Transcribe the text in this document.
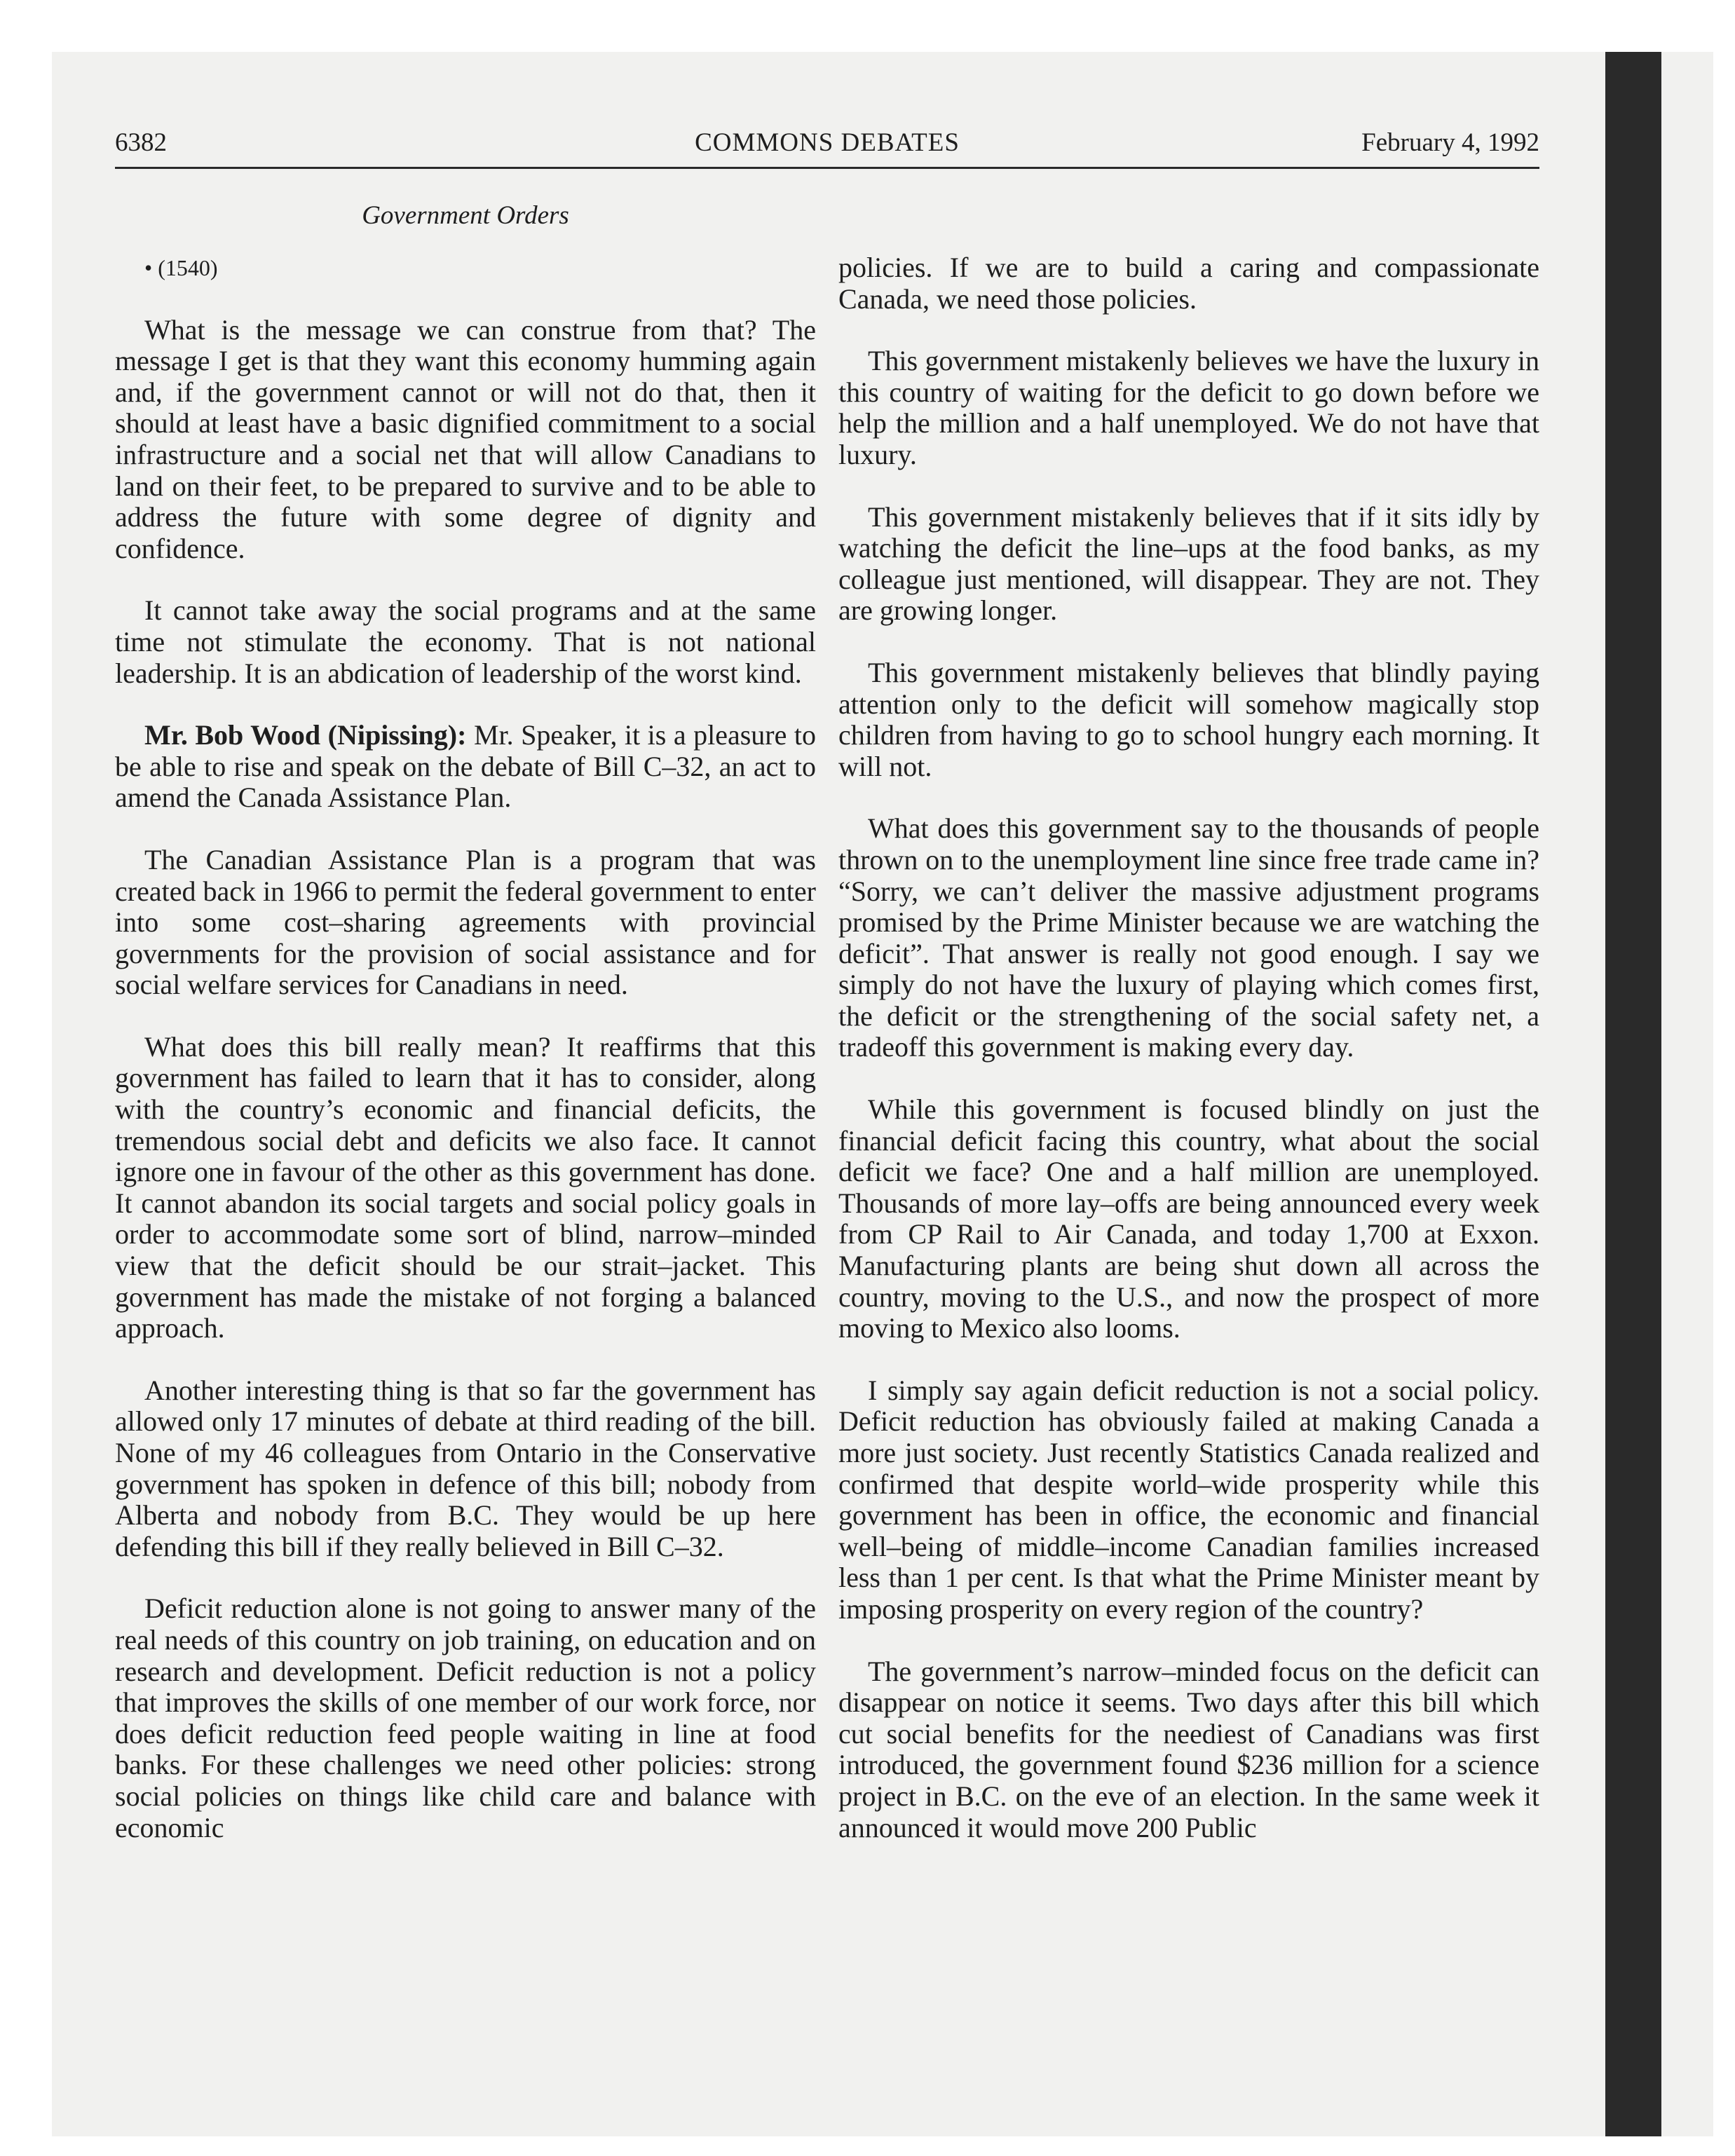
6382	COMMONS DEBATES	February 4, 1992
Government Orders

• (1540)

What is the message we can construe from that? The message I get is that they want this economy humming again and, if the government cannot or will not do that, then it should at least have a basic dignified commitment to a social infrastructure and a social net that will allow Canadians to land on their feet, to be prepared to survive and to be able to address the future with some degree of dignity and confidence.

It cannot take away the social programs and at the same time not stimulate the economy. That is not national leadership. It is an abdication of leadership of the worst kind.

Mr. Bob Wood (Nipissing): Mr. Speaker, it is a pleasure to be able to rise and speak on the debate of Bill C–32, an act to amend the Canada Assistance Plan.

The Canadian Assistance Plan is a program that was created back in 1966 to permit the federal government to enter into some cost–sharing agreements with provincial governments for the provision of social assistance and for social welfare services for Canadians in need.

What does this bill really mean? It reaffirms that this government has failed to learn that it has to consider, along with the country’s economic and financial deficits, the tremendous social debt and deficits we also face. It cannot ignore one in favour of the other as this government has done. It cannot abandon its social targets and social policy goals in order to accommodate some sort of blind, narrow–minded view that the deficit should be our strait–jacket. This government has made the mistake of not forging a balanced approach.

Another interesting thing is that so far the government has allowed only 17 minutes of debate at third reading of the bill. None of my 46 colleagues from Ontario in the Conservative government has spoken in defence of this bill; nobody from Alberta and nobody from B.C. They would be up here defending this bill if they really believed in Bill C–32.

Deficit reduction alone is not going to answer many of the real needs of this country on job training, on education and on research and development. Deficit reduction is not a policy that improves the skills of one member of our work force, nor does deficit reduction feed people waiting in line at food banks. For these challenges we need other policies: strong social policies on things like child care and balance with economic

policies. If we are to build a caring and compassionate Canada, we need those policies.

This government mistakenly believes we have the luxury in this country of waiting for the deficit to go down before we help the million and a half unemployed. We do not have that luxury.

This government mistakenly believes that if it sits idly by watching the deficit the line–ups at the food banks, as my colleague just mentioned, will disappear. They are not. They are growing longer.

This government mistakenly believes that blindly paying attention only to the deficit will somehow magically stop children from having to go to school hungry each morning. It will not.

What does this government say to the thousands of people thrown on to the unemployment line since free trade came in? “Sorry, we can’t deliver the massive adjustment programs promised by the Prime Minister because we are watching the deficit”. That answer is really not good enough. I say we simply do not have the luxury of playing which comes first, the deficit or the strengthening of the social safety net, a tradeoff this government is making every day.

While this government is focused blindly on just the financial deficit facing this country, what about the social deficit we face? One and a half million are unemployed. Thousands of more lay–offs are being announced every week from CP Rail to Air Canada, and today 1,700 at Exxon. Manufacturing plants are being shut down all across the country, moving to the U.S., and now the prospect of more moving to Mexico also looms.

I simply say again deficit reduction is not a social policy. Deficit reduction has obviously failed at making Canada a more just society. Just recently Statistics Canada realized and confirmed that despite world–wide prosperity while this government has been in office, the economic and financial well–being of middle–income Canadian families increased less than 1 per cent. Is that what the Prime Minister meant by imposing prosperity on every region of the country?

The government’s narrow–minded focus on the deficit can disappear on notice it seems. Two days after this bill which cut social benefits for the neediest of Canadians was first introduced, the government found $236 million for a science project in B.C. on the eve of an election. In the same week it announced it would move 200 Public
